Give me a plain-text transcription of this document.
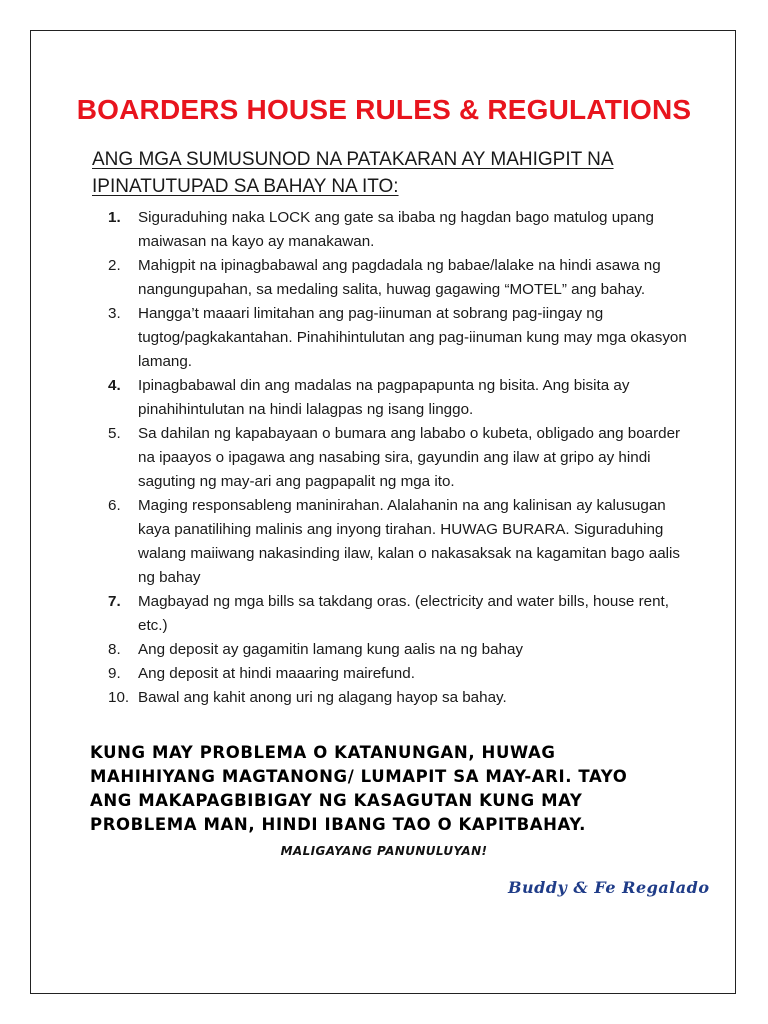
BOARDERS HOUSE RULES & REGULATIONS
ANG MGA SUMUSUNOD NA PATAKARAN AY MAHIGPIT NA
IPINATUTUPAD SA BAHAY NA ITO:
1.	Siguraduhing naka LOCK ang gate sa ibaba ng hagdan bago matulog upang maiwasan na kayo ay manakawan.
2.	Mahigpit na ipinagbabawal ang pagdadala ng babae/lalake na hindi asawa ng nangungupahan, sa medaling salita, huwag gagawing “MOTEL” ang bahay.
3.	Hangga’t maaari limitahan ang pag-iinuman at sobrang pag-iingay ng tugtog/pagkakantahan. Pinahihintulutan ang pag-iinuman kung may mga okasyon lamang.
4.	Ipinagbabawal din ang madalas na pagpapapunta ng bisita. Ang bisita ay pinahihintulutan na hindi lalagpas ng isang linggo.
5.	Sa dahilan ng kapabayaan o bumara ang lababo o kubeta, obligado ang boarder na ipaayos o ipagawa ang nasabing sira, gayundin ang ilaw at gripo ay hindi saguting ng may-ari ang pagpapalit ng mga ito.
6.	Maging responsableng maninirahan. Alalahanin na ang kalinisan ay kalusugan kaya panatilihing malinis ang inyong tirahan. HUWAG BURARA. Siguraduhing walang maiiwang nakasinding ilaw, kalan o nakasaksak na kagamitan bago aalis ng bahay
7.	Magbayad ng mga bills sa takdang oras. (electricity and water bills, house rent, etc.)
8.	Ang deposit ay gagamitin lamang kung aalis na ng bahay
9.	Ang deposit at hindi maaaring mairefund.
10. Bawal ang kahit anong uri ng alagang hayop sa bahay.
KUNG MAY PROBLEMA O KATANUNGAN, HUWAG MAHIHIYANG MAGTANONG/ LUMAPIT SA MAY-ARI. TAYO ANG MAKAPAGBIBIGAY NG KASAGUTAN KUNG MAY PROBLEMA MAN, HINDI IBANG TAO O KAPITBAHAY.
MALIGAYANG PANUNULUYAN!
Buddy & Fe Regalado
